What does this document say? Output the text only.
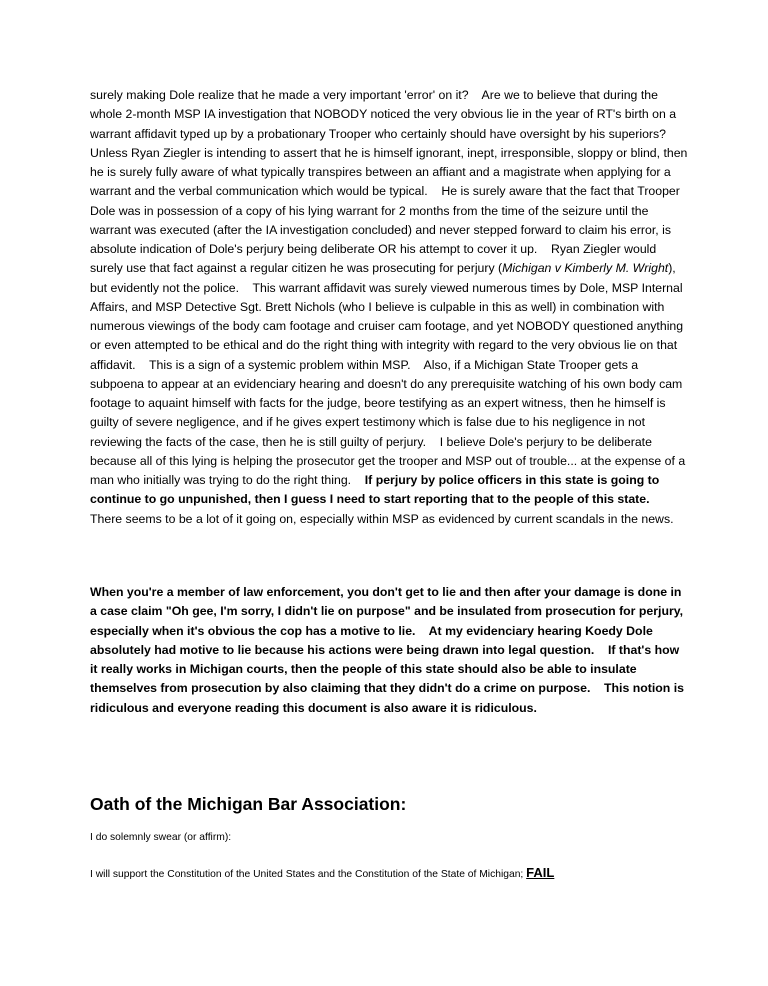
surely making Dole realize that he made a very important 'error' on it?    Are we to believe that during the whole 2-month MSP IA investigation that NOBODY noticed the very obvious lie in the year of RT's birth on a warrant affidavit typed up by a probationary Trooper who certainly should have oversight by his superiors?    Unless Ryan Ziegler is intending to assert that he is himself ignorant, inept, irresponsible, sloppy or blind, then he is surely fully aware of what typically transpires between an affiant and a magistrate when applying for a warrant and the verbal communication which would be typical.    He is surely aware that the fact that Trooper Dole was in possession of a copy of his lying warrant for 2 months from the time of the seizure until the warrant was executed (after the IA investigation concluded) and never stepped forward to claim his error, is absolute indication of Dole's perjury being deliberate OR his attempt to cover it up.    Ryan Ziegler would surely use that fact against a regular citizen he was prosecuting for perjury (Michigan v Kimberly M. Wright), but evidently not the police.    This warrant affidavit was surely viewed numerous times by Dole, MSP Internal Affairs, and MSP Detective Sgt. Brett Nichols (who I believe is culpable in this as well) in combination with numerous viewings of the body cam footage and cruiser cam footage, and yet NOBODY questioned anything or even attempted to be ethical and do the right thing with integrity with regard to the very obvious lie on that affidavit.    This is a sign of a systemic problem within MSP.    Also, if a Michigan State Trooper gets a subpoena to appear at an evidenciary hearing and doesn't do any prerequisite watching of his own body cam footage to aquaint himself with facts for the judge, beore testifying as an expert witness, then he himself is guilty of severe negligence, and if he gives expert testimony which is false due to his negligence in not reviewing the facts of the case, then he is still guilty of perjury.    I believe Dole's perjury to be deliberate because all of this lying is helping the prosecutor get the trooper and MSP out of trouble... at the expense of a man who initially was trying to do the right thing.    If perjury by police officers in this state is going to continue to go unpunished, then I guess I need to start reporting that to the people of this state.    There seems to be a lot of it going on, especially within MSP as evidenced by current scandals in the news.

When you're a member of law enforcement, you don't get to lie and then after your damage is done in a case claim "Oh gee, I'm sorry, I didn't lie on purpose" and be insulated from prosecution for perjury, especially when it's obvious the cop has a motive to lie.    At my evidenciary hearing Koedy Dole absolutely had motive to lie because his actions were being drawn into legal question.    If that's how it really works in Michigan courts, then the people of this state should also be able to insulate themselves from prosecution by also claiming that they didn't do a crime on purpose.    This notion is ridiculous and everyone reading this document is also aware it is ridiculous.

Oath of the Michigan Bar Association:

I do solemnly swear (or affirm):

I will support the Constitution of the United States and the Constitution of the State of Michigan; FAIL
